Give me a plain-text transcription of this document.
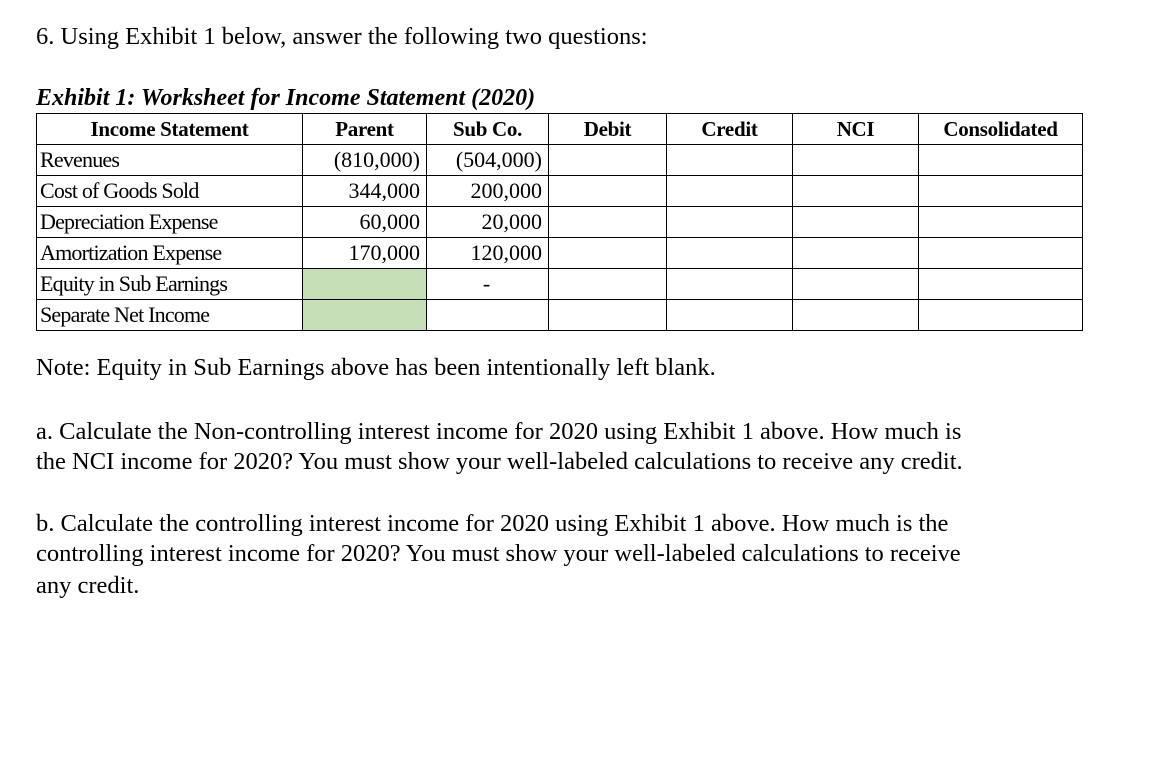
6. Using Exhibit 1 below, answer the following two questions:
Exhibit 1: Worksheet for Income Statement (2020)
Income Statement	Parent	Sub Co.	Debit	Credit	NCI	Consolidated
Revenues	(810,000)	(504,000)				
Cost of Goods Sold	344,000	200,000				
Depreciation Expense	60,000	20,000				
Amortization Expense	170,000	120,000				
Equity in Sub Earnings		-				
Separate Net Income						
Note: Equity in Sub Earnings above has been intentionally left blank.
a. Calculate the Non-controlling interest income for 2020 using Exhibit 1 above. How much is
the NCI income for 2020? You must show your well-labeled calculations to receive any credit.
b. Calculate the controlling interest income for 2020 using Exhibit 1 above. How much is the
controlling interest income for 2020? You must show your well-labeled calculations to receive
any credit.
